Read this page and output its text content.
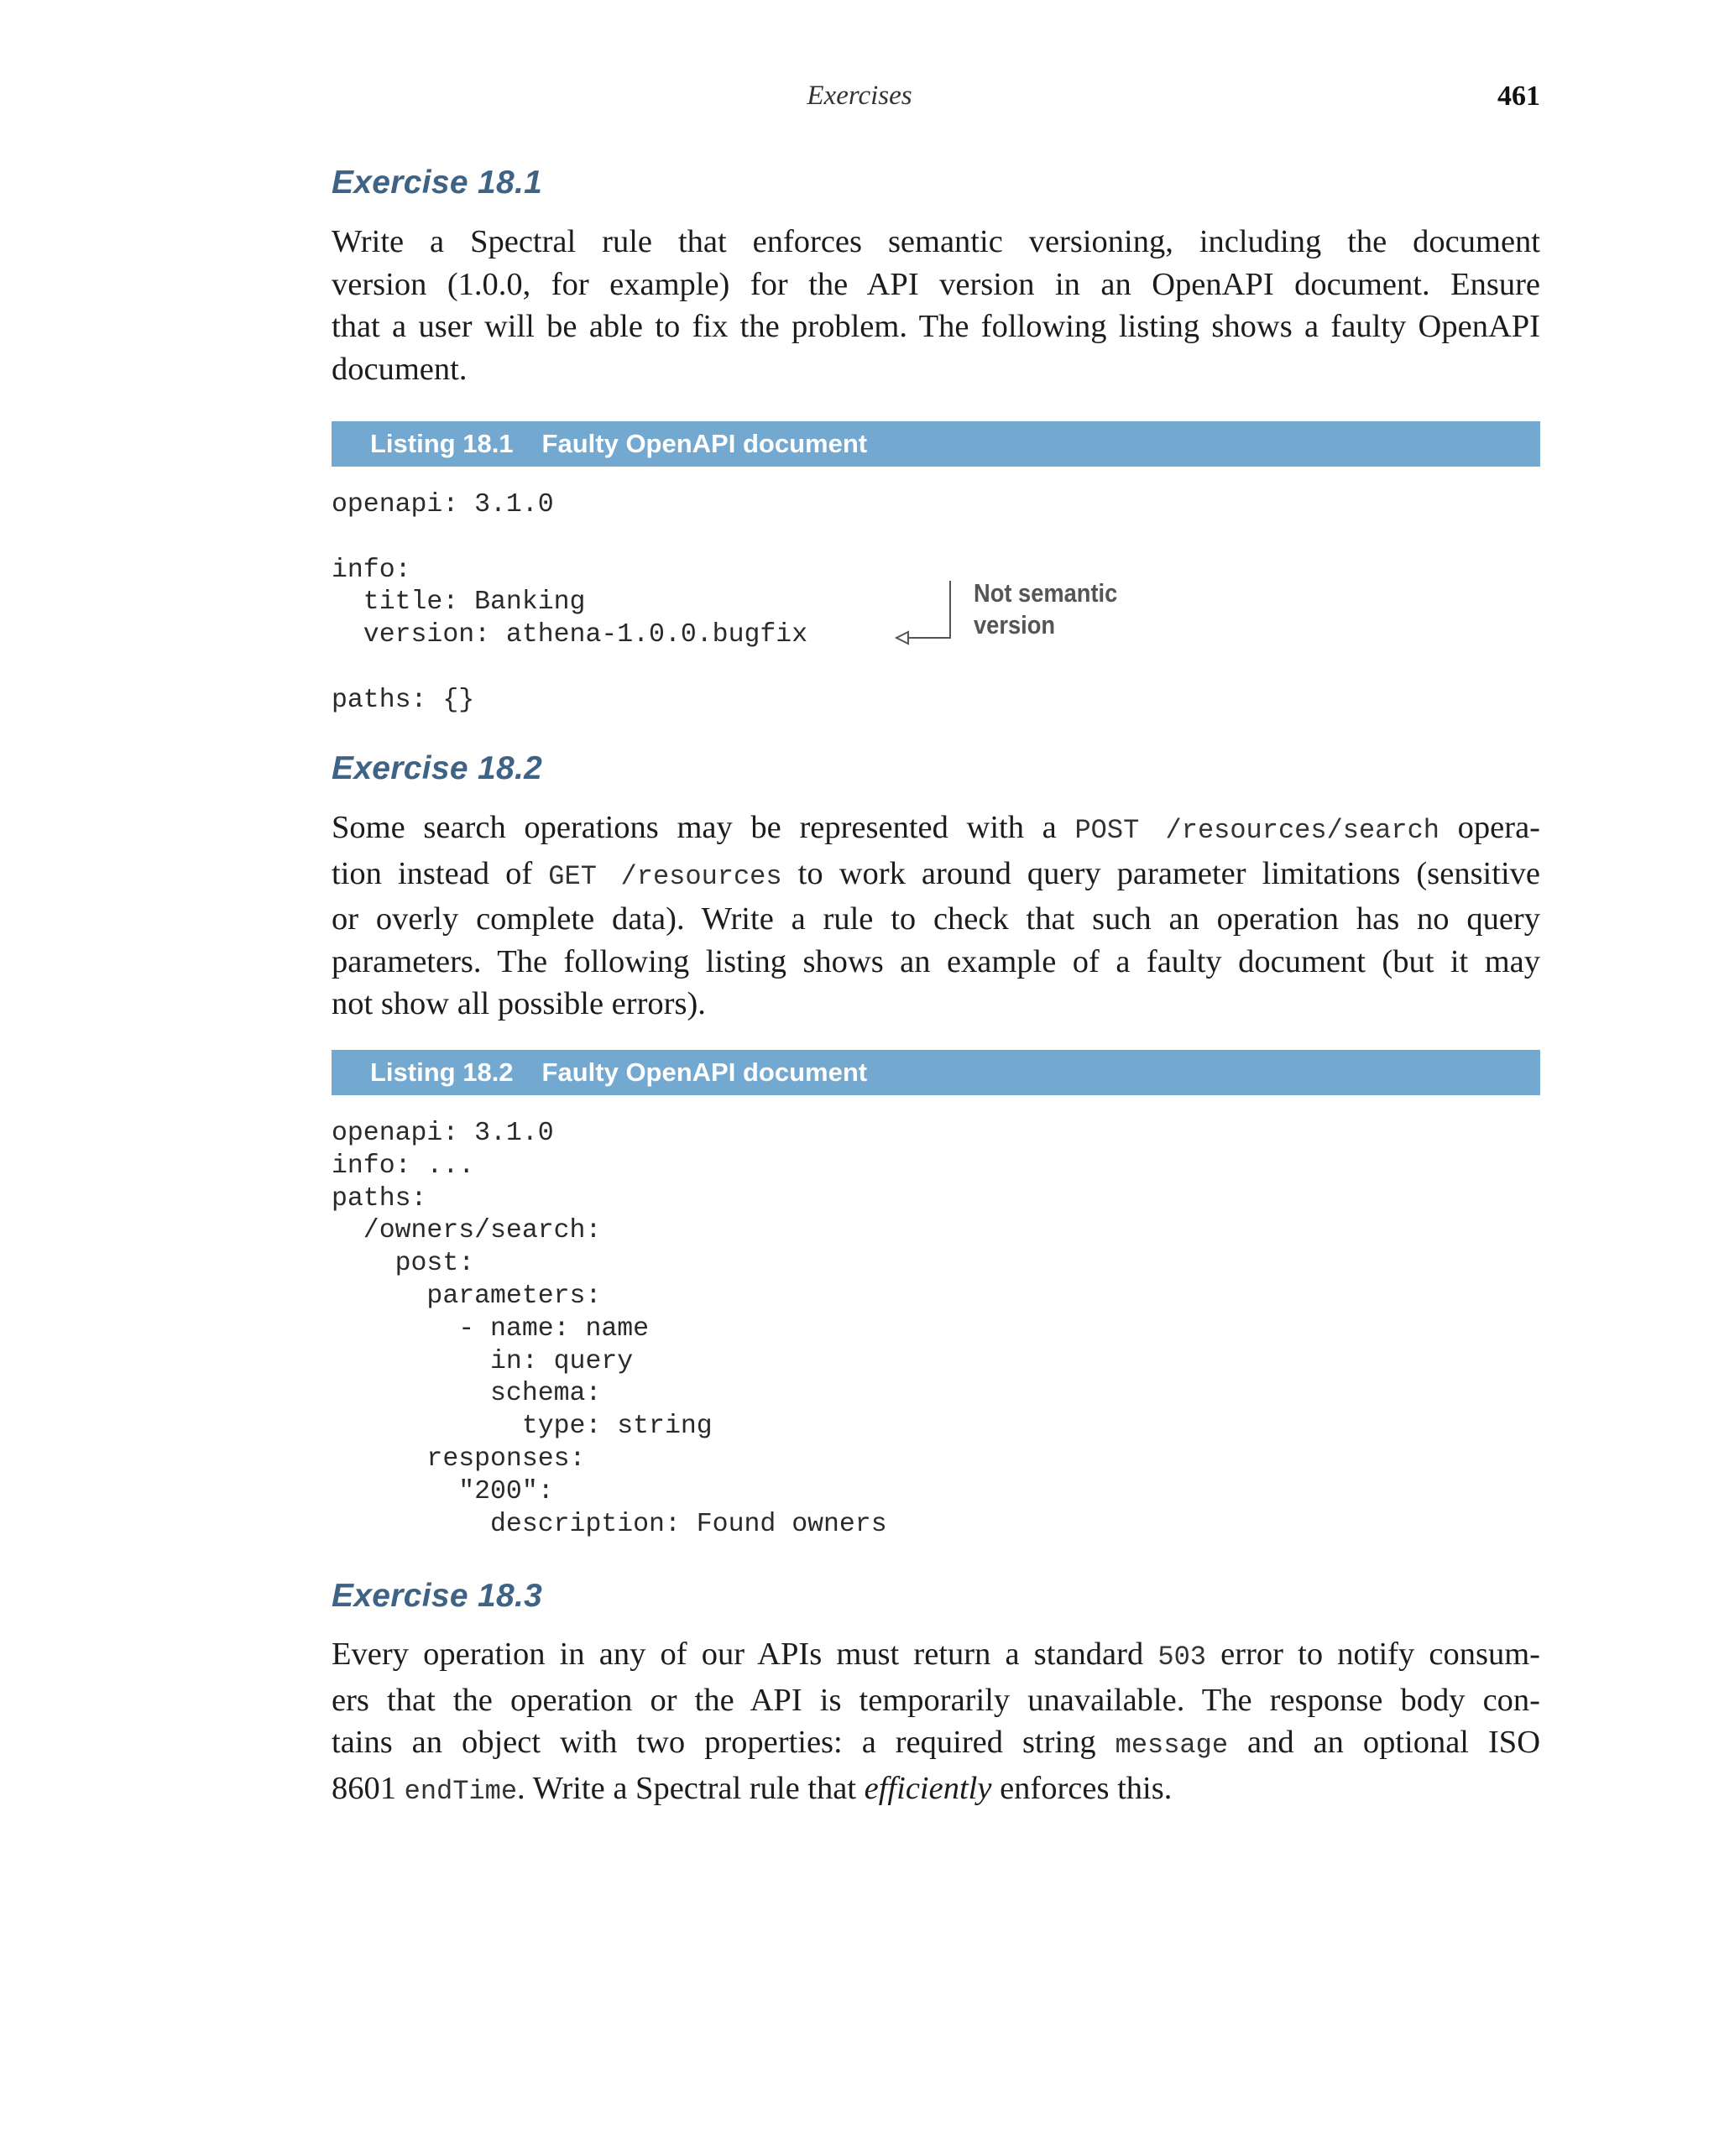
Exercises	461
Exercise 18.1
Write a Spectral rule that enforces semantic versioning, including the document
version (1.0.0, for example) for the API version in an OpenAPI document. Ensure
that a user will be able to fix the problem. The following listing shows a faulty OpenAPI
document.
Listing 18.1 Faulty OpenAPI document
openapi: 3.1.0

info:
title: Banking
version: athena-1.0.0.bugfix

paths: {}
Not semantic
version
Exercise 18.2
Some search operations may be represented with a POST /resources/search opera-
tion instead of GET /resources to work around query parameter limitations (sensitive
or overly complete data). Write a rule to check that such an operation has no query
parameters. The following listing shows an example of a faulty document (but it may
not show all possible errors).
Listing 18.2 Faulty OpenAPI document
openapi: 3.1.0
info: ...
paths:
/owners/search:
post:
parameters:
- name: name
in: query
schema:
type: string
responses:
"200":
description: Found owners
Exercise 18.3
Every operation in any of our APIs must return a standard 503 error to notify consum-
ers that the operation or the API is temporarily unavailable. The response body con-
tains an object with two properties: a required string message and an optional ISO
8601 endTime. Write a Spectral rule that efficiently enforces this.
